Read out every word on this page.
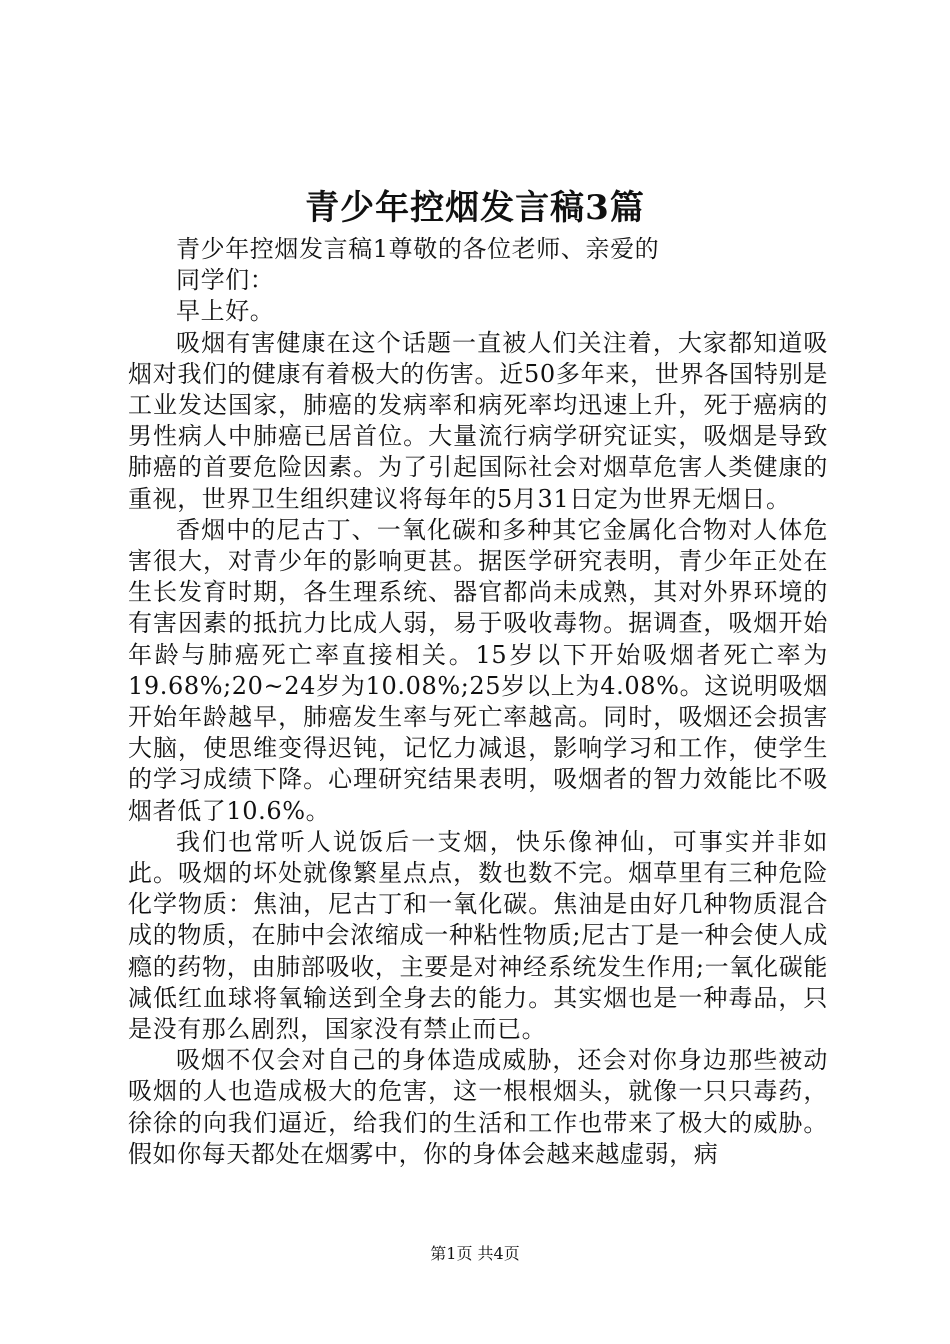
青少年控烟发言稿3篇

青少年控烟发言稿1尊敬的各位老师、亲爱的

同学们：

早上好。

吸烟有害健康在这个话题一直被人们关注着，大家都知道吸烟对我们的健康有着极大的伤害。近50多年来，世界各国特别是工业发达国家，肺癌的发病率和病死率均迅速上升，死于癌病的男性病人中肺癌已居首位。大量流行病学研究证实，吸烟是导致肺癌的首要危险因素。为了引起国际社会对烟草危害人类健康的重视，世界卫生组织建议将每年的5月31日定为世界无烟日。

香烟中的尼古丁、一氧化碳和多种其它金属化合物对人体危害很大，对青少年的影响更甚。据医学研究表明，青少年正处在生长发育时期，各生理系统、器官都尚未成熟，其对外界环境的有害因素的抵抗力比成人弱，易于吸收毒物。据调查，吸烟开始年龄与肺癌死亡率直接相关。15岁以下开始吸烟者死亡率为19.68%;20~24岁为10.08%;25岁以上为4.08%。这说明吸烟开始年龄越早，肺癌发生率与死亡率越高。同时，吸烟还会损害大脑，使思维变得迟钝，记忆力减退，影响学习和工作，使学生的学习成绩下降。心理研究结果表明，吸烟者的智力效能比不吸烟者低了10.6%。

我们也常听人说饭后一支烟，快乐像神仙，可事实并非如此。吸烟的坏处就像繁星点点，数也数不完。烟草里有三种危险化学物质：焦油，尼古丁和一氧化碳。焦油是由好几种物质混合成的物质，在肺中会浓缩成一种粘性物质;尼古丁是一种会使人成瘾的药物，由肺部吸收，主要是对神经系统发生作用;一氧化碳能减低红血球将氧输送到全身去的能力。其实烟也是一种毒品，只是没有那么剧烈，国家没有禁止而已。

吸烟不仅会对自己的身体造成威胁，还会对你身边那些被动吸烟的人也造成极大的危害，这一根根烟头，就像一只只毒药，徐徐的向我们逼近，给我们的生活和工作也带来了极大的威胁。假如你每天都处在烟雾中，你的身体会越来越虚弱，病

第1页 共4页
